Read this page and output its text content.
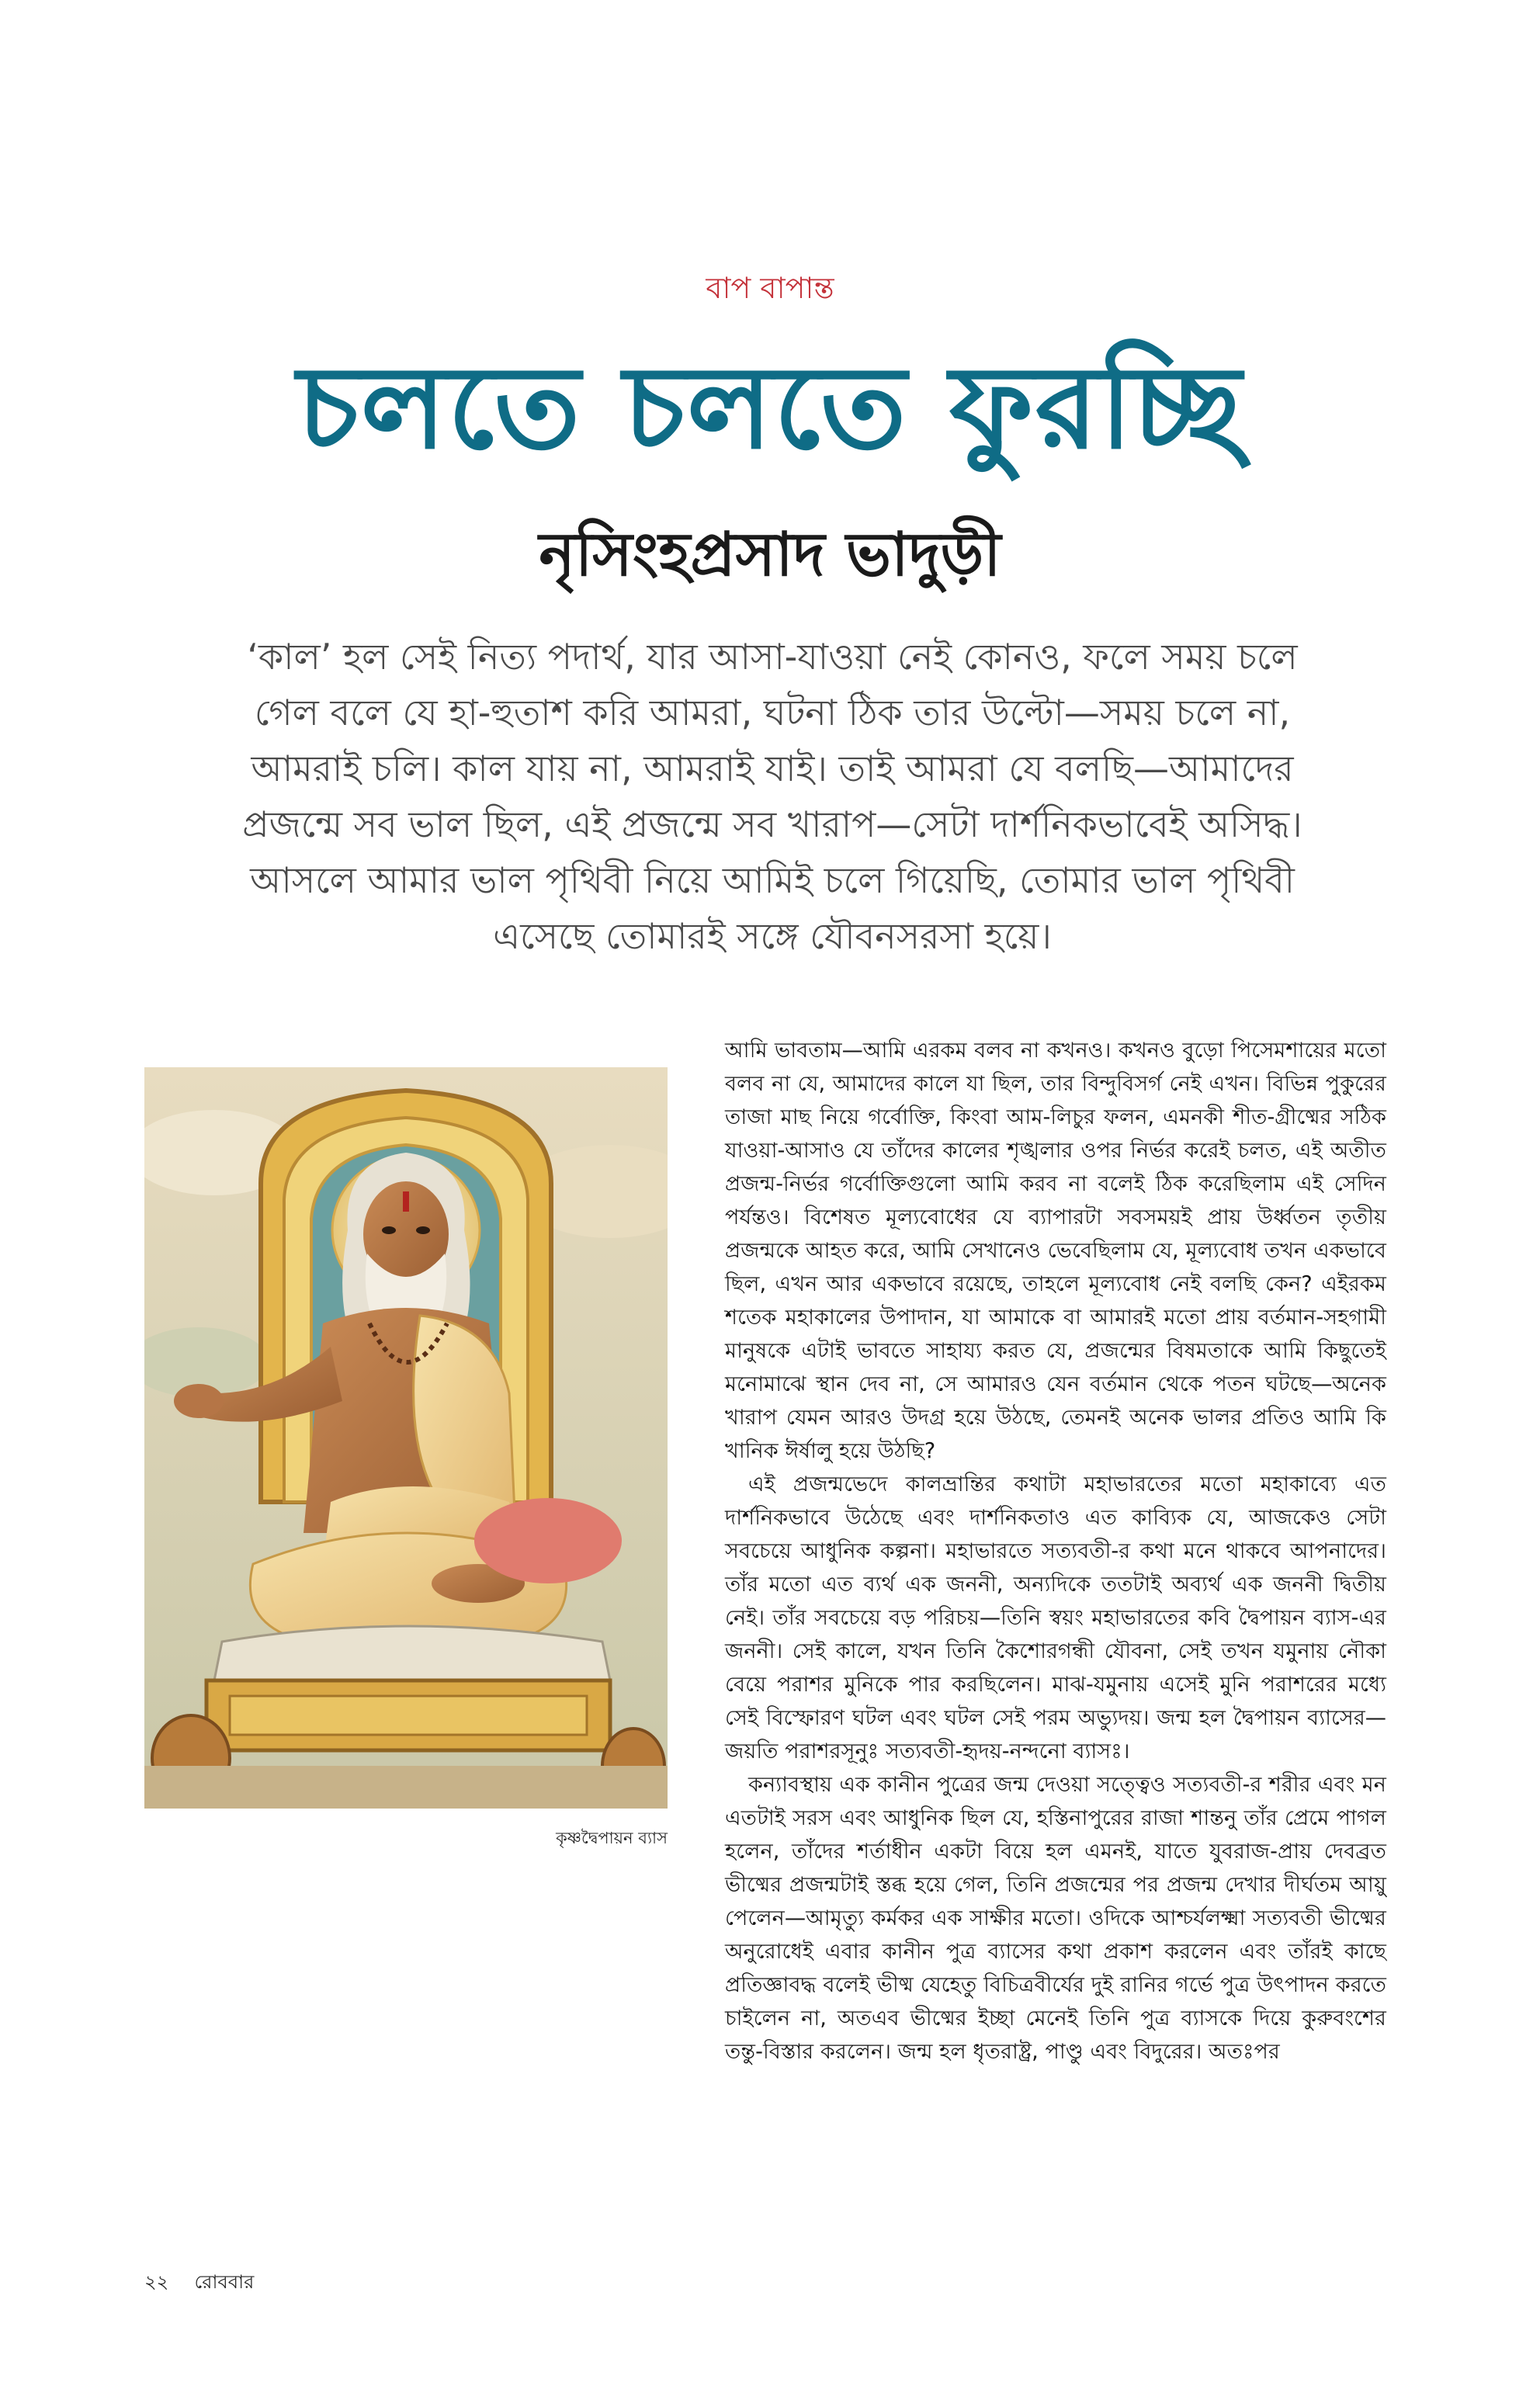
বাপ বাপান্ত
চলতে চলতে ফুরচ্ছি
নৃসিংহপ্রসাদ ভাদুড়ী
‘কাল’ হল সেই নিত্য পদার্থ, যার আসা-যাওয়া নেই কোনও, ফলে সময় চলে
গেল বলে যে হা-হুতাশ করি আমরা, ঘটনা ঠিক তার উল্টো—সময় চলে না,
আমরাই চলি। কাল যায় না, আমরাই যাই। তাই আমরা যে বলছি—আমাদের
প্রজন্মে সব ভাল ছিল, এই প্রজন্মে সব খারাপ—সেটা দার্শনিকভাবেই অসিদ্ধ।
আসলে আমার ভাল পৃথিবী নিয়ে আমিই চলে গিয়েছি, তোমার ভাল পৃথিবী
এসেছে তোমারই সঙ্গে যৌবনসরসা হয়ে।
কৃষ্ণদ্বৈপায়ন ব্যাস

আমি ভাবতাম—আমি এরকম বলব না কখনও। কখনও বুড়ো পিসেমশায়ের মতো বলব না যে, আমাদের কালে যা ছিল, তার বিন্দুবিসর্গ নেই এখন। বিভিন্ন পুকুরের তাজা মাছ নিয়ে গর্বোক্তি, কিংবা আম-লিচুর ফলন, এমনকী শীত-গ্রীষ্মের সঠিক যাওয়া-আসাও যে তাঁদের কালের শৃঙ্খলার ওপর নির্ভর করেই চলত, এই অতীত প্রজন্ম-নির্ভর গর্বোক্তিগুলো আমি করব না বলেই ঠিক করেছিলাম এই সেদিন পর্যন্তও। বিশেষত মূল্যবোধের যে ব্যাপারটা সবসময়ই প্রায় উর্ধ্বতন তৃতীয় প্রজন্মকে আহত করে, আমি সেখানেও ভেবেছিলাম যে, মূল্যবোধ তখন একভাবে ছিল, এখন আর একভাবে রয়েছে, তাহলে মূল্যবোধ নেই বলছি কেন? এইরকম শতেক মহাকালের উপাদান, যা আমাকে বা আমারই মতো প্রায় বর্তমান-সহগামী মানুষকে এটাই ভাবতে সাহায্য করত যে, প্রজন্মের বিষমতাকে আমি কিছুতেই মনোমাঝে স্থান দেব না, সে আমারও যেন বর্তমান থেকে পতন ঘটছে—অনেক খারাপ যেমন আরও উদগ্র হয়ে উঠছে, তেমনই অনেক ভালর প্রতিও আমি কি খানিক ঈর্ষালু হয়ে উঠছি?

এই প্রজন্মভেদে কালভ্রান্তির কথাটা মহাভারতের মতো মহাকাব্যে এত দার্শনিকভাবে উঠেছে এবং দার্শনিকতাও এত কাব্যিক যে, আজকেও সেটা সবচেয়ে আধুনিক কল্পনা। মহাভারতে সত্যবতী-র কথা মনে থাকবে আপনাদের। তাঁর মতো এত ব্যর্থ এক জননী, অন্যদিকে ততটাই অব্যর্থ এক জননী দ্বিতীয় নেই। তাঁর সবচেয়ে বড় পরিচয়—তিনি স্বয়ং মহাভারতের কবি দ্বৈপায়ন ব্যাস-এর জননী। সেই কালে, যখন তিনি কৈশোরগন্ধী যৌবনা, সেই তখন যমুনায় নৌকা বেয়ে পরাশর মুনিকে পার করছিলেন। মাঝ-যমুনায় এসেই মুনি পরাশরের মধ্যে সেই বিস্ফোরণ ঘটল এবং ঘটল সেই পরম অভ্যুদয়। জন্ম হল দ্বৈপায়ন ব্যাসের—জয়তি পরাশরসূনুঃ সত্যবতী-হৃদয়-নন্দনো ব্যাসঃ।

কন্যাবস্থায় এক কানীন পুত্রের জন্ম দেওয়া সত্ত্বেও সত্যবতী-র শরীর এবং মন এতটাই সরস এবং আধুনিক ছিল যে, হস্তিনাপুরের রাজা শান্তনু তাঁর প্রেমে পাগল হলেন, তাঁদের শর্তাধীন একটা বিয়ে হল এমনই, যাতে যুবরাজ-প্রায় দেবব্রত ভীষ্মের প্রজন্মটাই স্তব্ধ হয়ে গেল, তিনি প্রজন্মের পর প্রজন্ম দেখার দীর্ঘতম আয়ু পেলেন—আমৃত্যু কর্মকর এক সাক্ষীর মতো। ওদিকে আশ্চর্যলক্ষ্মা সত্যবতী ভীষ্মের অনুরোধেই এবার কানীন পুত্র ব্যাসের কথা প্রকাশ করলেন এবং তাঁরই কাছে প্রতিজ্ঞাবদ্ধ বলেই ভীষ্ম যেহেতু বিচিত্রবীর্যের দুই রানির গর্ভে পুত্র উৎপাদন করতে চাইলেন না, অতএব ভীষ্মের ইচ্ছা মেনেই তিনি পুত্র ব্যাসকে দিয়ে কুরুবংশের তন্তু-বিস্তার করলেন। জন্ম হল ধৃতরাষ্ট্র, পাণ্ডু এবং বিদুরের। অতঃপর

২২ রোববার
